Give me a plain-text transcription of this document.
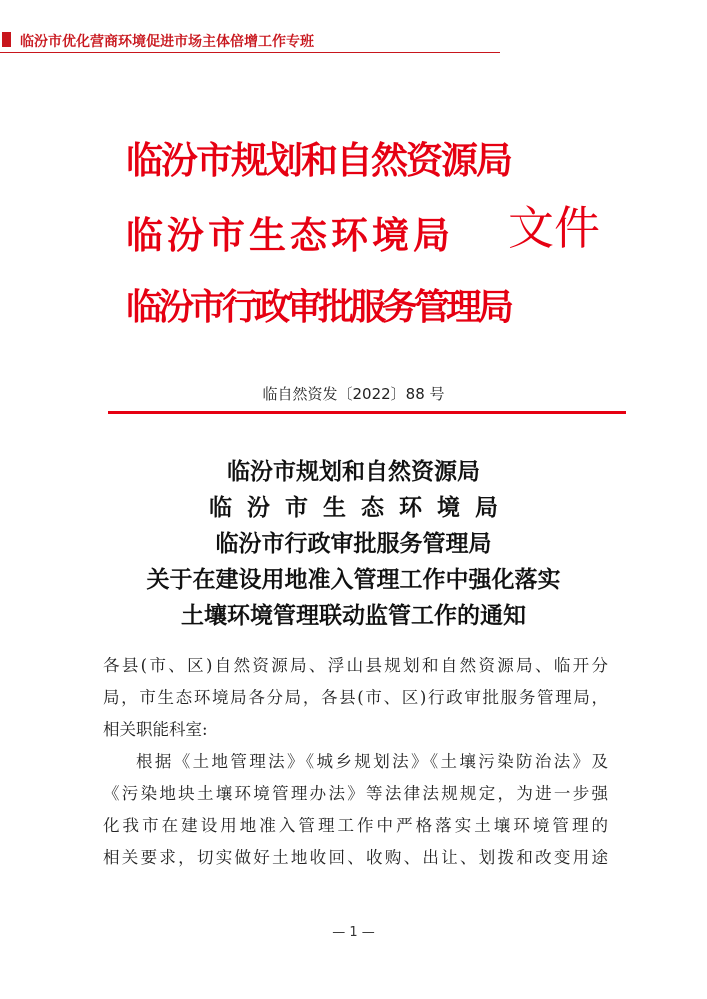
临汾市优化营商环境促进市场主体倍增工作专班
临汾市规划和自然资源局
临汾市生态环境局
临汾市行政审批服务管理局
文件
临自然资发〔2022〕88 号
临汾市规划和自然资源局
临汾市生态环境局
临汾市行政审批服务管理局
关于在建设用地准入管理工作中强化落实
土壤环境管理联动监管工作的通知
各县(市、区)自然资源局、浮山县规划和自然资源局、临开分
局，市生态环境局各分局，各县(市、区)行政审批服务管理局，
相关职能科室:
根据《土地管理法》《城乡规划法》《土壤污染防治法》及
《污染地块土壤环境管理办法》等法律法规规定，为进一步强
化我市在建设用地准入管理工作中严格落实土壤环境管理的
相关要求，切实做好土地收回、收购、出让、划拨和改变用途
— 1 —
